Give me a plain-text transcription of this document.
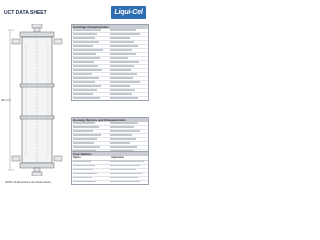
UCT DATA SHEET	Liqui-Cel
(29.1 in)
NOTE: All dimensions are shown above.
Cartridge Characteristics
Housing Options and Characteristics
User Options
Option	Application
